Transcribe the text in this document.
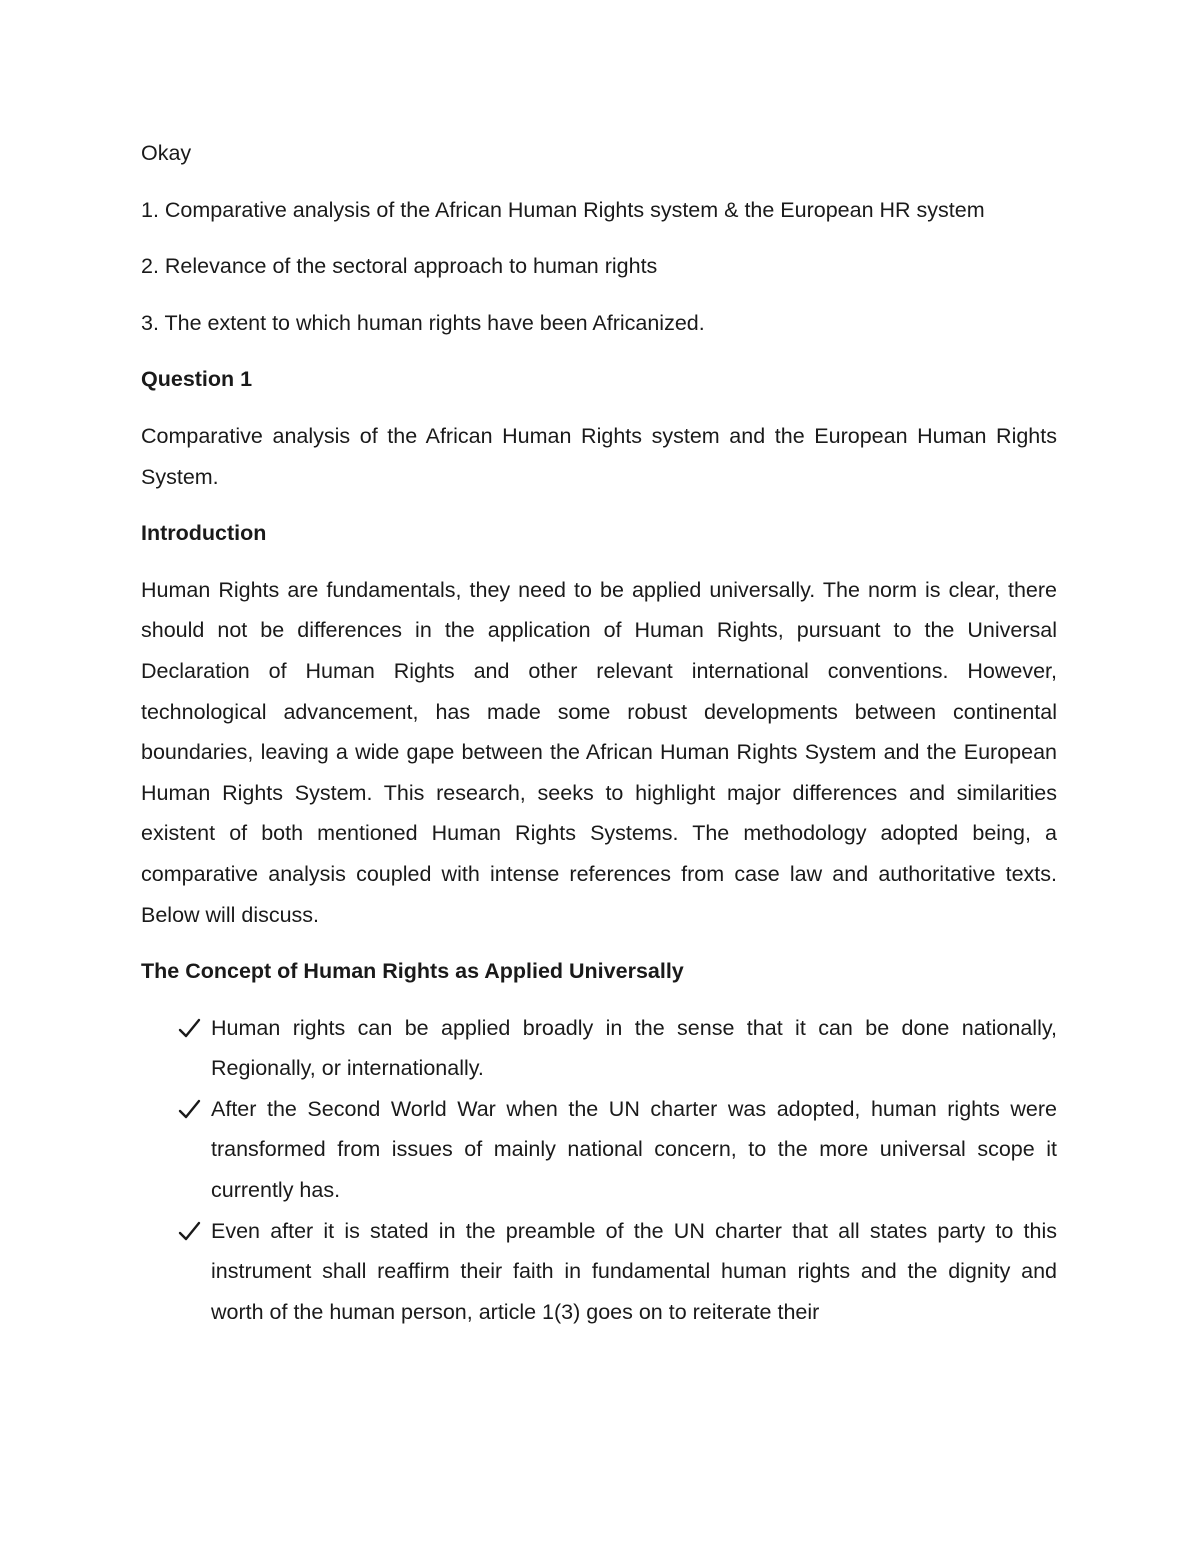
Okay

1. Comparative analysis of the African Human Rights system & the European HR system

2. Relevance of the sectoral approach to human rights

3. The extent to which human rights have been Africanized.

Question 1

Comparative analysis of the African Human Rights system and the European Human Rights System.

Introduction

Human Rights are fundamentals, they need to be applied universally. The norm is clear, there should not be differences in the application of Human Rights, pursuant to the Universal Declaration of Human Rights and other relevant international conventions. However, technological advancement, has made some robust developments between continental boundaries, leaving a wide gape between the African Human Rights System and the European Human Rights System. This research, seeks to highlight major differences and similarities existent of both mentioned Human Rights Systems. The methodology adopted being, a comparative analysis coupled with intense references from case law and authoritative texts. Below will discuss.

The Concept of Human Rights as Applied Universally

Human rights can be applied broadly in the sense that it can be done nationally, Regionally, or internationally.
After the Second World War when the UN charter was adopted, human rights were transformed from issues of mainly national concern, to the more universal scope it currently has.
Even after it is stated in the preamble of the UN charter that all states party to this instrument shall reaffirm their faith in fundamental human rights and the dignity and worth of the human person, article 1(3) goes on to reiterate their
